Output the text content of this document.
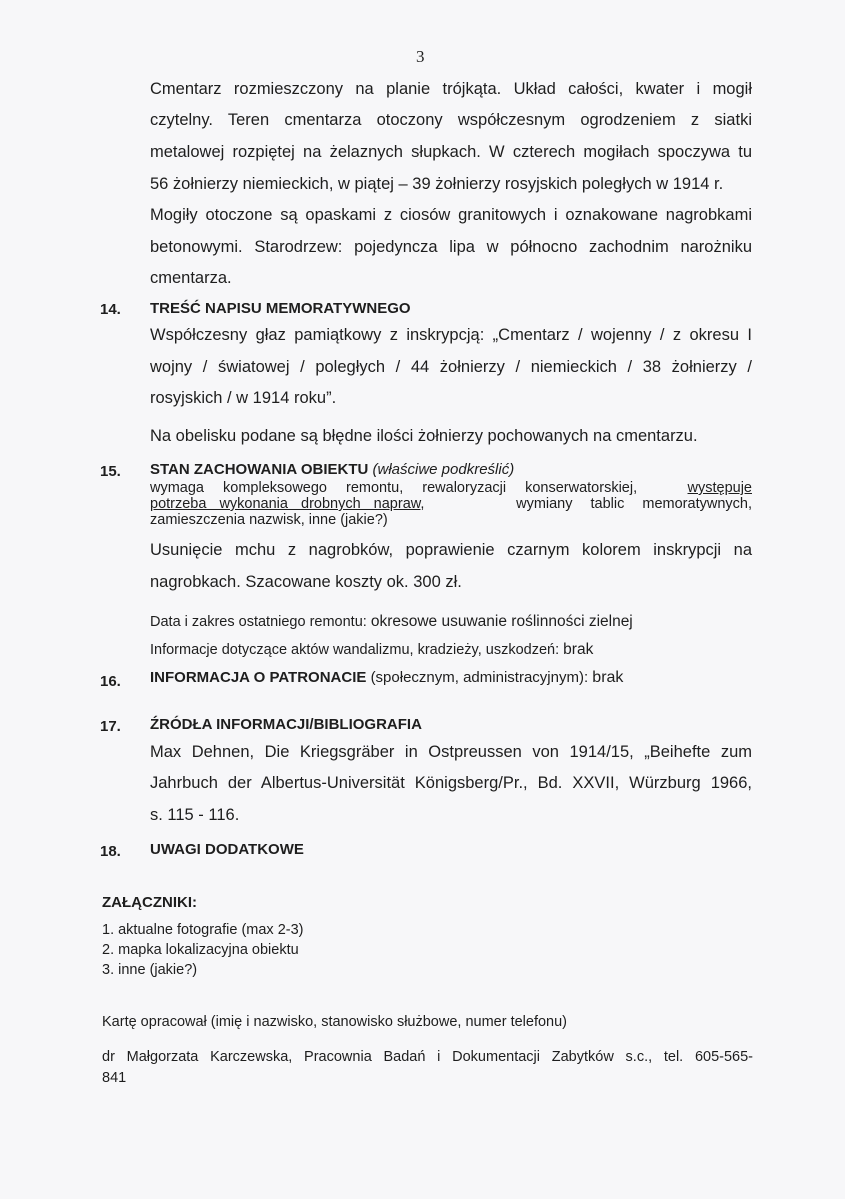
3
Cmentarz rozmieszczony na planie trójkąta. Układ całości, kwater i mogił
czytelny. Teren cmentarza otoczony współczesnym ogrodzeniem z siatki
metalowej rozpiętej na żelaznych słupkach. W czterech mogiłach spoczywa tu
56 żołnierzy niemieckich, w piątej – 39 żołnierzy rosyjskich poległych w 1914 r.
Mogiły otoczone są opaskami z ciosów granitowych i oznakowane nagrobkami
betonowymi. Starodrzew: pojedyncza lipa w północno zachodnim narożniku
cmentarza.
14. TREŚĆ NAPISU MEMORATYWNEGO
Współczesny głaz pamiątkowy z inskrypcją: „Cmentarz / wojenny / z okresu I
wojny / światowej / poległych / 44 żołnierzy / niemieckich / 38 żołnierzy /
rosyjskich / w 1914 roku”.
Na obelisku podane są błędne ilości żołnierzy pochowanych na cmentarzu.
15. STAN ZACHOWANIA OBIEKTU (właściwe podkreślić)
wymaga kompleksowego remontu, rewaloryzacji konserwatorskiej,	występuje
potrzeba wykonania drobnych napraw,	wymiany tablic memoratywnych,
zamieszczenia nazwisk, inne (jakie?)
Usunięcie mchu z nagrobków, poprawienie czarnym kolorem inskrypcji na
nagrobkach. Szacowane koszty ok. 300 zł.
Data i zakres ostatniego remontu: okresowe usuwanie roślinności zielnej
Informacje dotyczące aktów wandalizmu, kradzieży, uszkodzeń: brak
16. INFORMACJA O PATRONACIE (społecznym, administracyjnym): brak
17. ŹRÓDŁA INFORMACJI/BIBLIOGRAFIA
Max Dehnen, Die Kriegsgräber in Ostpreussen von 1914/15, „Beihefte zum
Jahrbuch der Albertus-Universität Königsberg/Pr., Bd. XXVII, Würzburg 1966,
s. 115 - 116.
18. UWAGI DODATKOWE
ZAŁĄCZNIKI:
1. aktualne fotografie (max 2-3)
2. mapka lokalizacyjna obiektu
3. inne (jakie?)
Kartę opracował (imię i nazwisko, stanowisko służbowe, numer telefonu)
dr Małgorzata Karczewska, Pracownia Badań i Dokumentacji Zabytków s.c., tel. 605-565-
841
